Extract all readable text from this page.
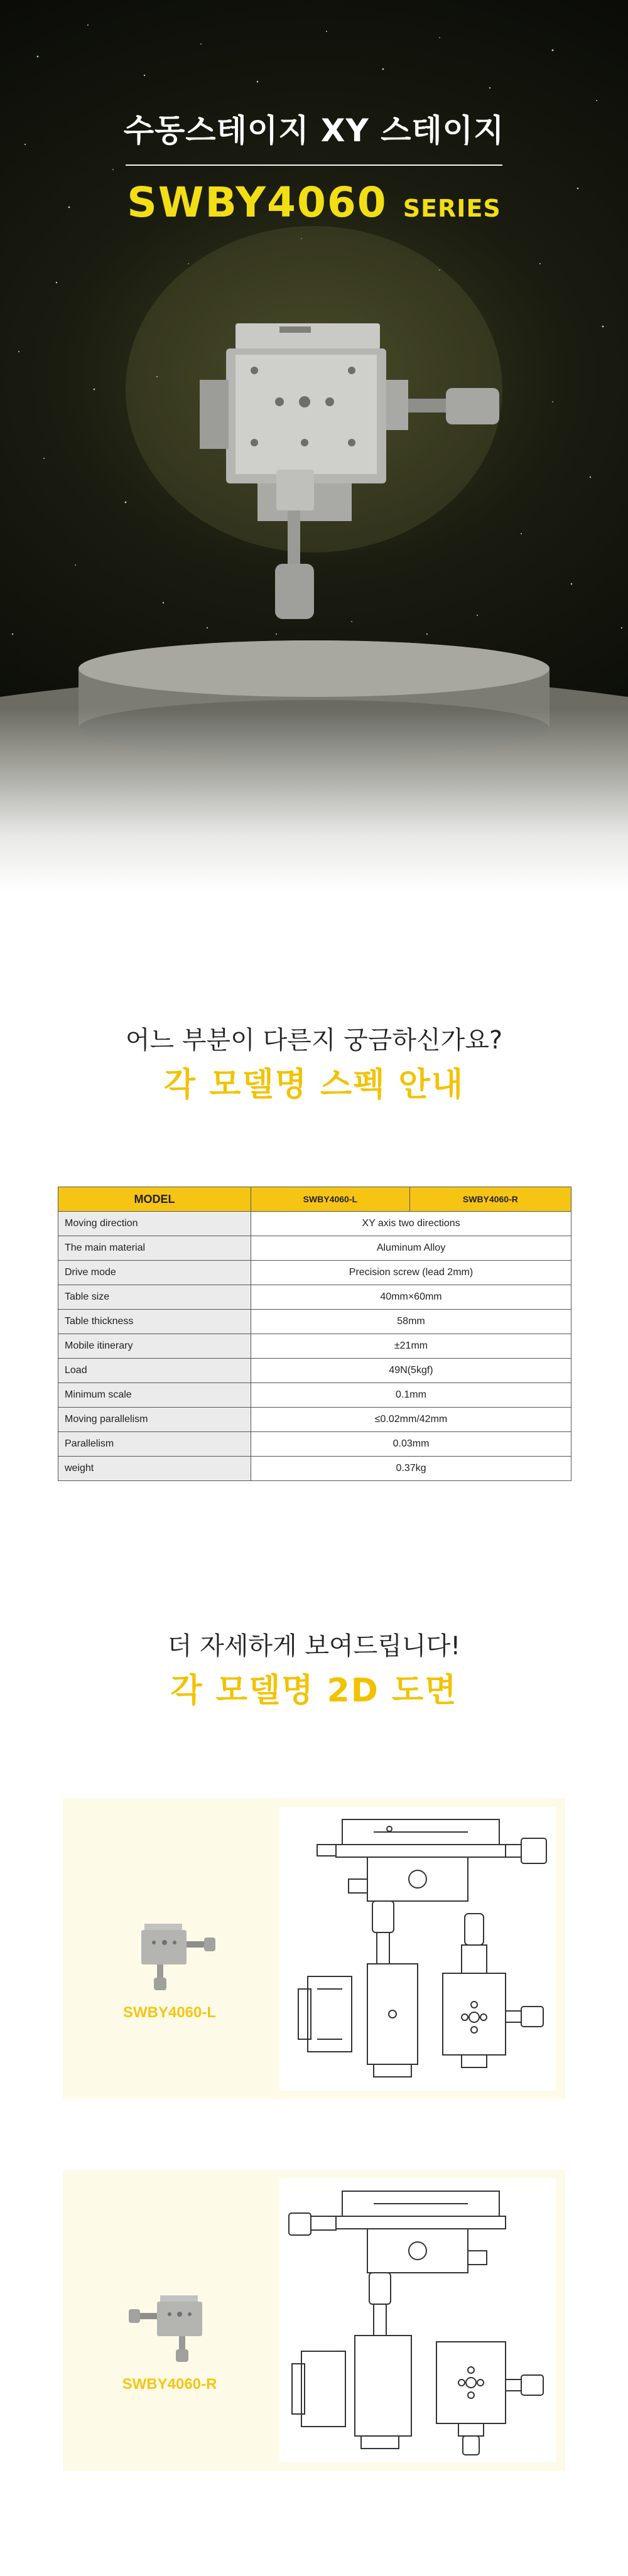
수동스테이지 XY 스테이지
SWBY4060 SERIES
어느 부분이 다른지 궁금하신가요?
각 모델명 스펙 안내
MODEL	SWBY4060-L	SWBY4060-R
Moving direction	XY axis two directions	
The main material	Aluminum Alloy	
Drive mode	Precision screw (lead 2mm)	
Table size	40mm×60mm	
Table thickness	58mm	
Mobile itinerary	±21mm	
Load	49N(5kgf)	
Minimum scale	0.1mm	
Moving parallelism	≤0.02mm/42mm	
Parallelism	0.03mm	
weight	0.37kg	
더 자세하게 보여드립니다!
각 모델명 2D 도면
SWBY4060-L
SWBY4060-R
